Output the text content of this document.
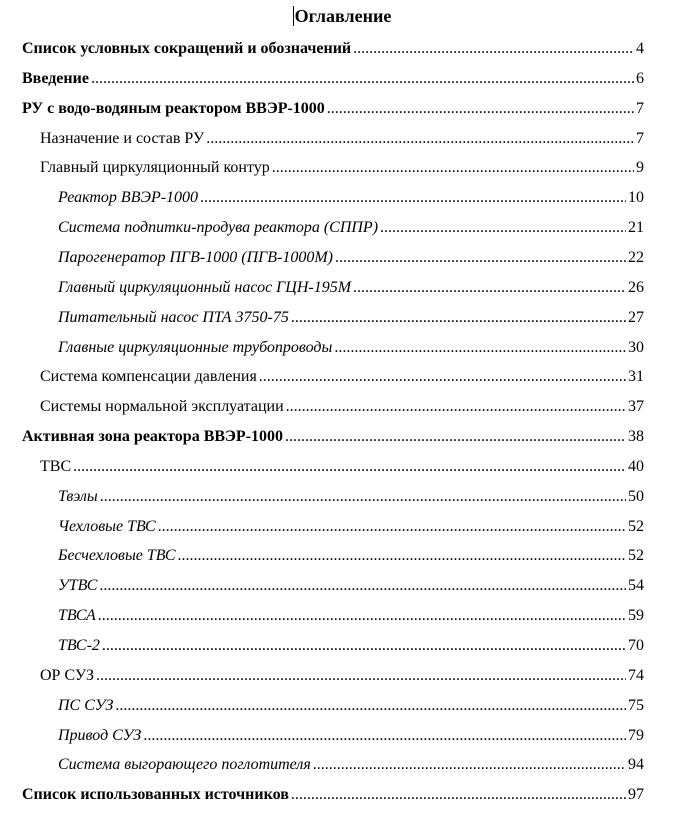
Оглавление
Список условных сокращений и обозначений .....	4
Введение .....	6
РУ с водо-водяным реактором ВВЭР-1000 .....	7
Назначение и состав РУ .....	7
Главный циркуляционный контур .....	9
Реактор ВВЭР-1000 .....	10
Система подпитки-продува реактора (СППР) .....	21
Парогенератор ПГВ-1000 (ПГВ-1000М) .....	22
Главный циркуляционный насос ГЦН-195М .....	26
Питательный насос ПТА 3750-75 .....	27
Главные циркуляционные трубопроводы .....	30
Система компенсации давления .....	31
Системы нормальной эксплуатации .....	37
Активная зона реактора ВВЭР-1000 .....	38
ТВС .....	40
Твэлы .....	50
Чехловые ТВС .....	52
Бесчехловые ТВС .....	52
УТВС .....	54
ТВСА .....	59
ТВС-2 .....	70
ОР СУЗ .....	74
ПС СУЗ .....	75
Привод СУЗ .....	79
Система выгорающего поглотителя .....	94
Список использованных источников .....	97
